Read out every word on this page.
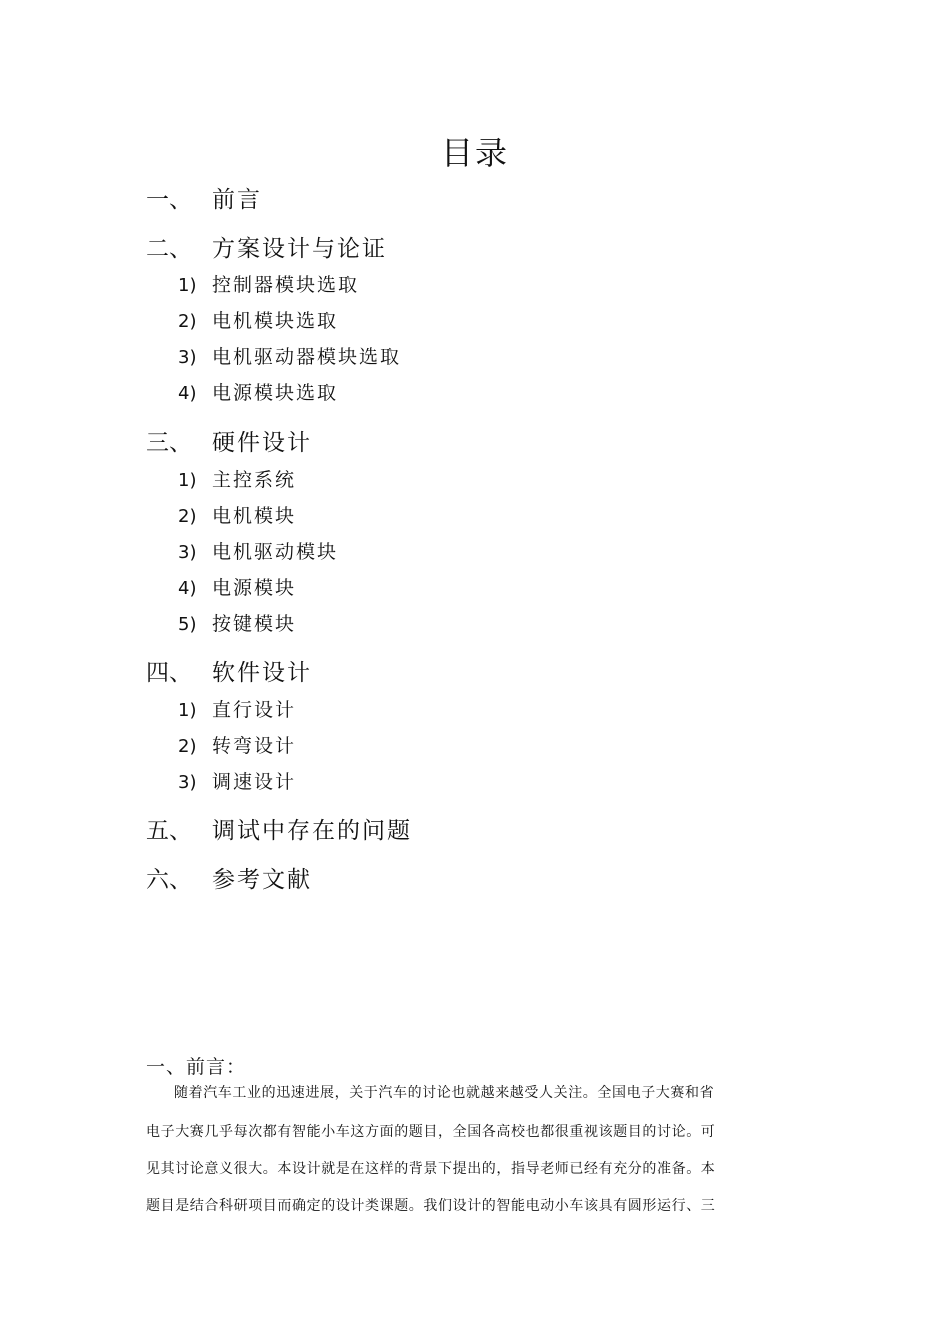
目录
一、 前言
二、 方案设计与论证
1) 控制器模块选取
2) 电机模块选取
3) 电机驱动器模块选取
4) 电源模块选取
三、 硬件设计
1) 主控系统
2) 电机模块
3) 电机驱动模块
4) 电源模块
5) 按键模块
四、 软件设计
1) 直行设计
2) 转弯设计
3) 调速设计
五、 调试中存在的问题
六、 参考文献
一、前言：
随着汽车工业的迅速进展，关于汽车的讨论也就越来越受人关注。全国电子大赛和省
电子大赛几乎每次都有智能小车这方面的题目，全国各高校也都很重视该题目的讨论。可
见其讨论意义很大。本设计就是在这样的背景下提出的，指导老师已经有充分的准备。本
题目是结合科研项目而确定的设计类课题。我们设计的智能电动小车该具有圆形运行、三
